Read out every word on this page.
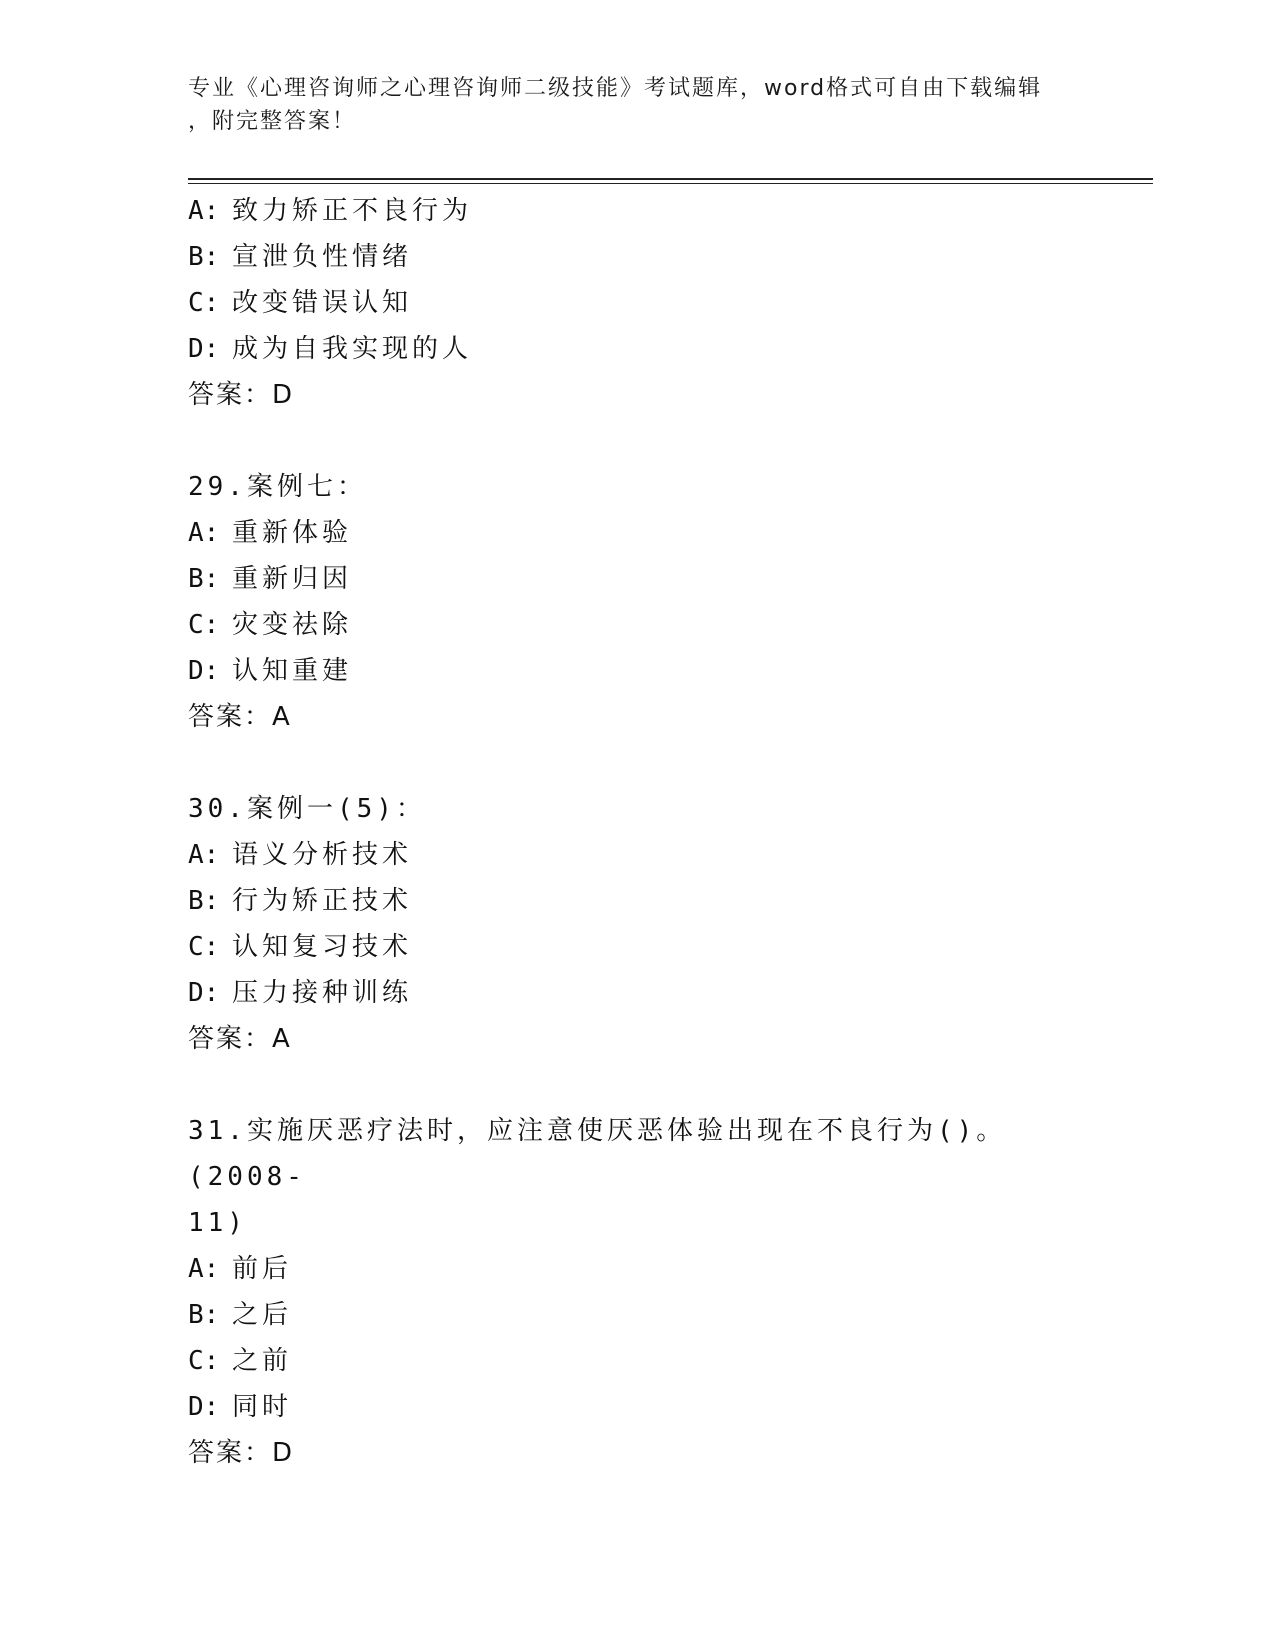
专业《心理咨询师之心理咨询师二级技能》考试题库，word格式可自由下载编辑
，附完整答案！
A: 致力矫正不良行为
B: 宣泄负性情绪
C: 改变错误认知
D: 成为自我实现的人
答案：D
29.案例七：
A: 重新体验
B: 重新归因
C: 灾变祛除
D: 认知重建
答案：A
30.案例一(5)：
A: 语义分析技术
B: 行为矫正技术
C: 认知复习技术
D: 压力接种训练
答案：A
31.实施厌恶疗法时，应注意使厌恶体验出现在不良行为()。(2008-
11)
A: 前后
B: 之后
C: 之前
D: 同时
答案：D
